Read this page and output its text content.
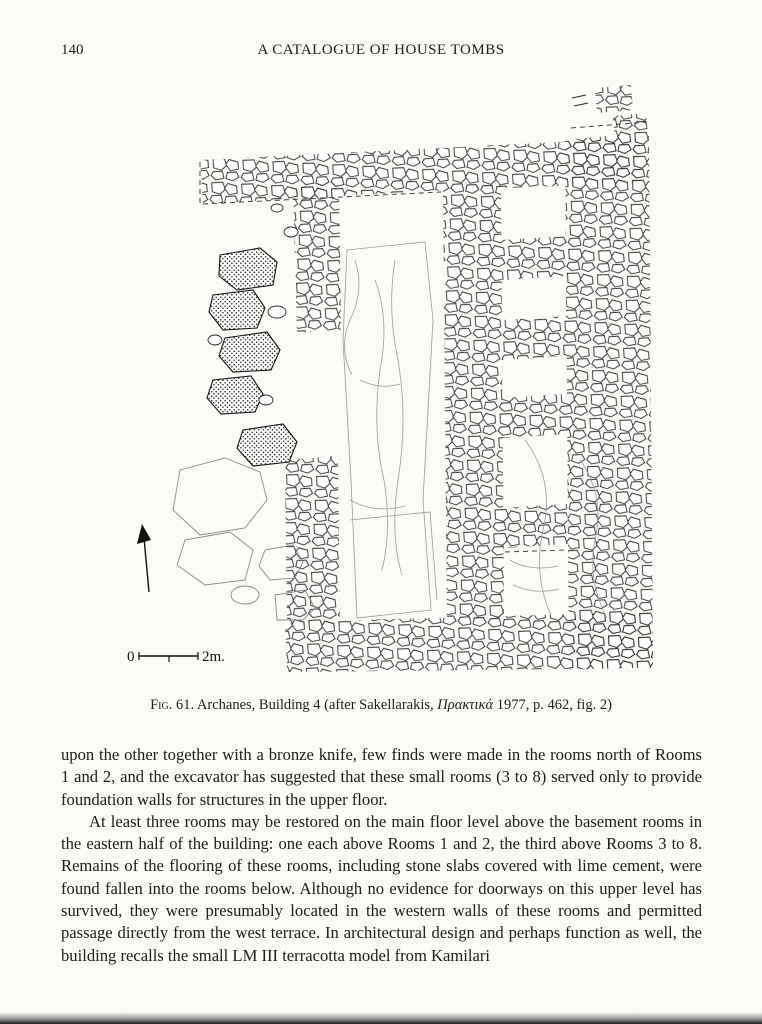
140	A CATALOGUE OF HOUSE TOMBS
0	2m.
Fig. 61. Archanes, Building 4 (after Sakellarakis, Πρακτικά 1977, p. 462, fig. 2)

upon the other together with a bronze knife, few finds were made in the rooms north of Rooms 1 and 2, and the excavator has suggested that these small rooms (3 to 8) served only to provide foundation walls for structures in the upper floor.

At least three rooms may be restored on the main floor level above the basement rooms in the eastern half of the building: one each above Rooms 1 and 2, the third above Rooms 3 to 8. Remains of the flooring of these rooms, including stone slabs covered with lime cement, were found fallen into the rooms below. Although no evidence for doorways on this upper level has survived, they were presumably located in the western walls of these rooms and permitted passage directly from the west terrace. In architectural design and perhaps function as well, the building recalls the small LM III terracotta model from Kamilari
